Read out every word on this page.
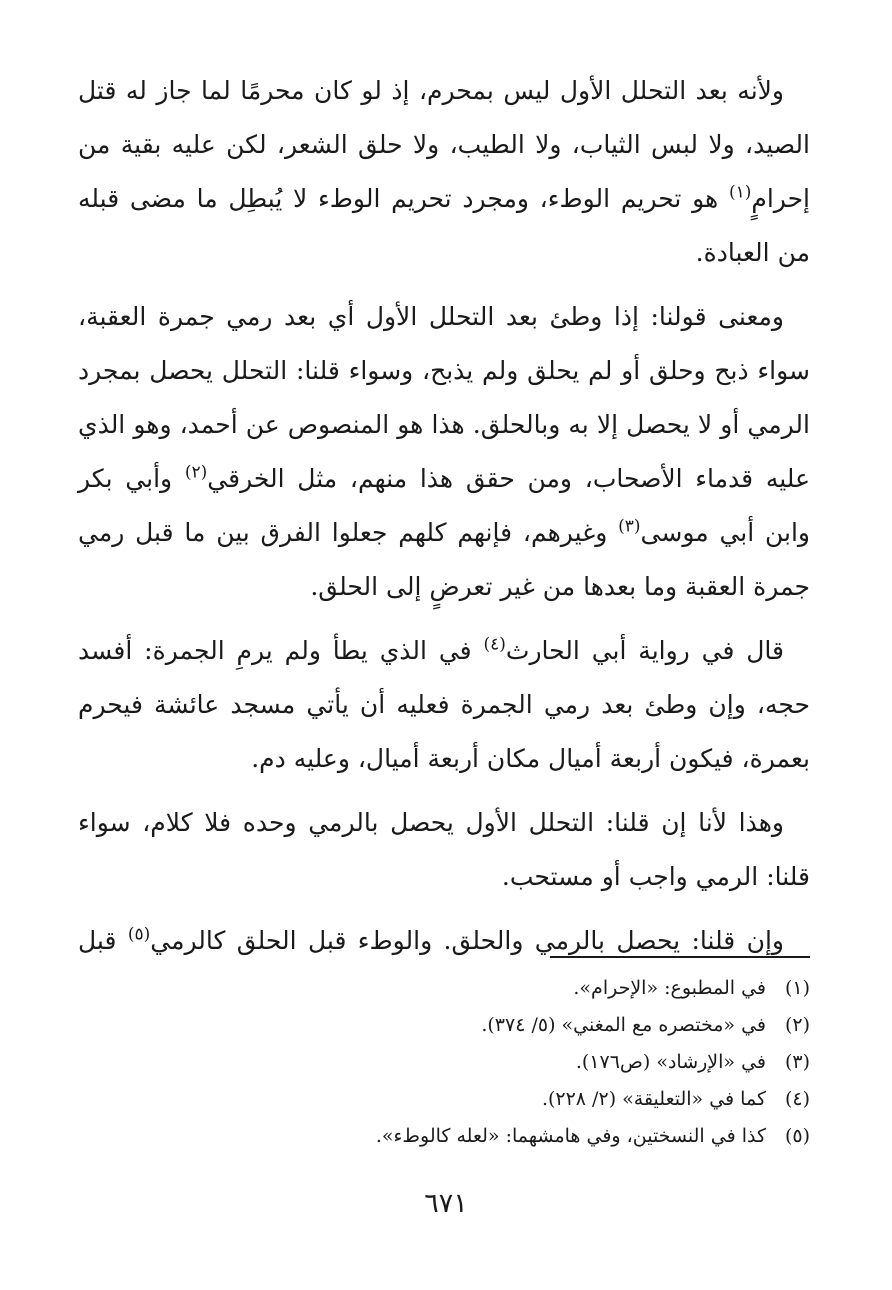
ولأنه بعد التحلل الأول ليس بمحرم، إذ لو كان محرمًا لما جاز له قتل الصيد، ولا لبس الثياب، ولا الطيب، ولا حلق الشعر، لكن عليه بقية من إحرامٍ$^{(١)}$ هو تحريم الوطء، ومجرد تحريم الوطء لا يُبطِل ما مضى قبله من العبادة.

ومعنى قولنا: إذا وطئ بعد التحلل الأول أي بعد رمي جمرة العقبة، سواء ذبح وحلق أو لم يحلق ولم يذبح، وسواء قلنا: التحلل يحصل بمجرد الرمي أو لا يحصل إلا به وبالحلق. هذا هو المنصوص عن أحمد، وهو الذي عليه قدماء الأصحاب، ومن حقق هذا منهم، مثل الخرقي$^{(٢)}$ وأبي بكر وابن أبي موسى$^{(٣)}$ وغيرهم، فإنهم كلهم جعلوا الفرق بين ما قبل رمي جمرة العقبة وما بعدها من غير تعرضٍ إلى الحلق.

قال في رواية أبي الحارث$^{(٤)}$ في الذي يطأ ولم يرمِ الجمرة: أفسد حجه، وإن وطئ بعد رمي الجمرة فعليه أن يأتي مسجد عائشة فيحرم بعمرة، فيكون أربعة أميال مكان أربعة أميال، وعليه دم.

وهذا لأنا إن قلنا: التحلل الأول يحصل بالرمي وحده فلا كلام، سواء قلنا: الرمي واجب أو مستحب.

وإن قلنا: يحصل بالرمي والحلق. والوطء قبل الحلق كالرمي$^{(٥)}$ قبل

(١)
في المطبوع: «الإحرام».
(٢)
في «مختصره مع المغني» (٥/ ٣٧٤).
(٣)
في «الإرشاد» (ص١٧٦).
(٤)
كما في «التعليقة» (٢/ ٢٢٨).
(٥)
كذا في النسختين، وفي هامشهما: «لعله كالوطء».
٦٧١
